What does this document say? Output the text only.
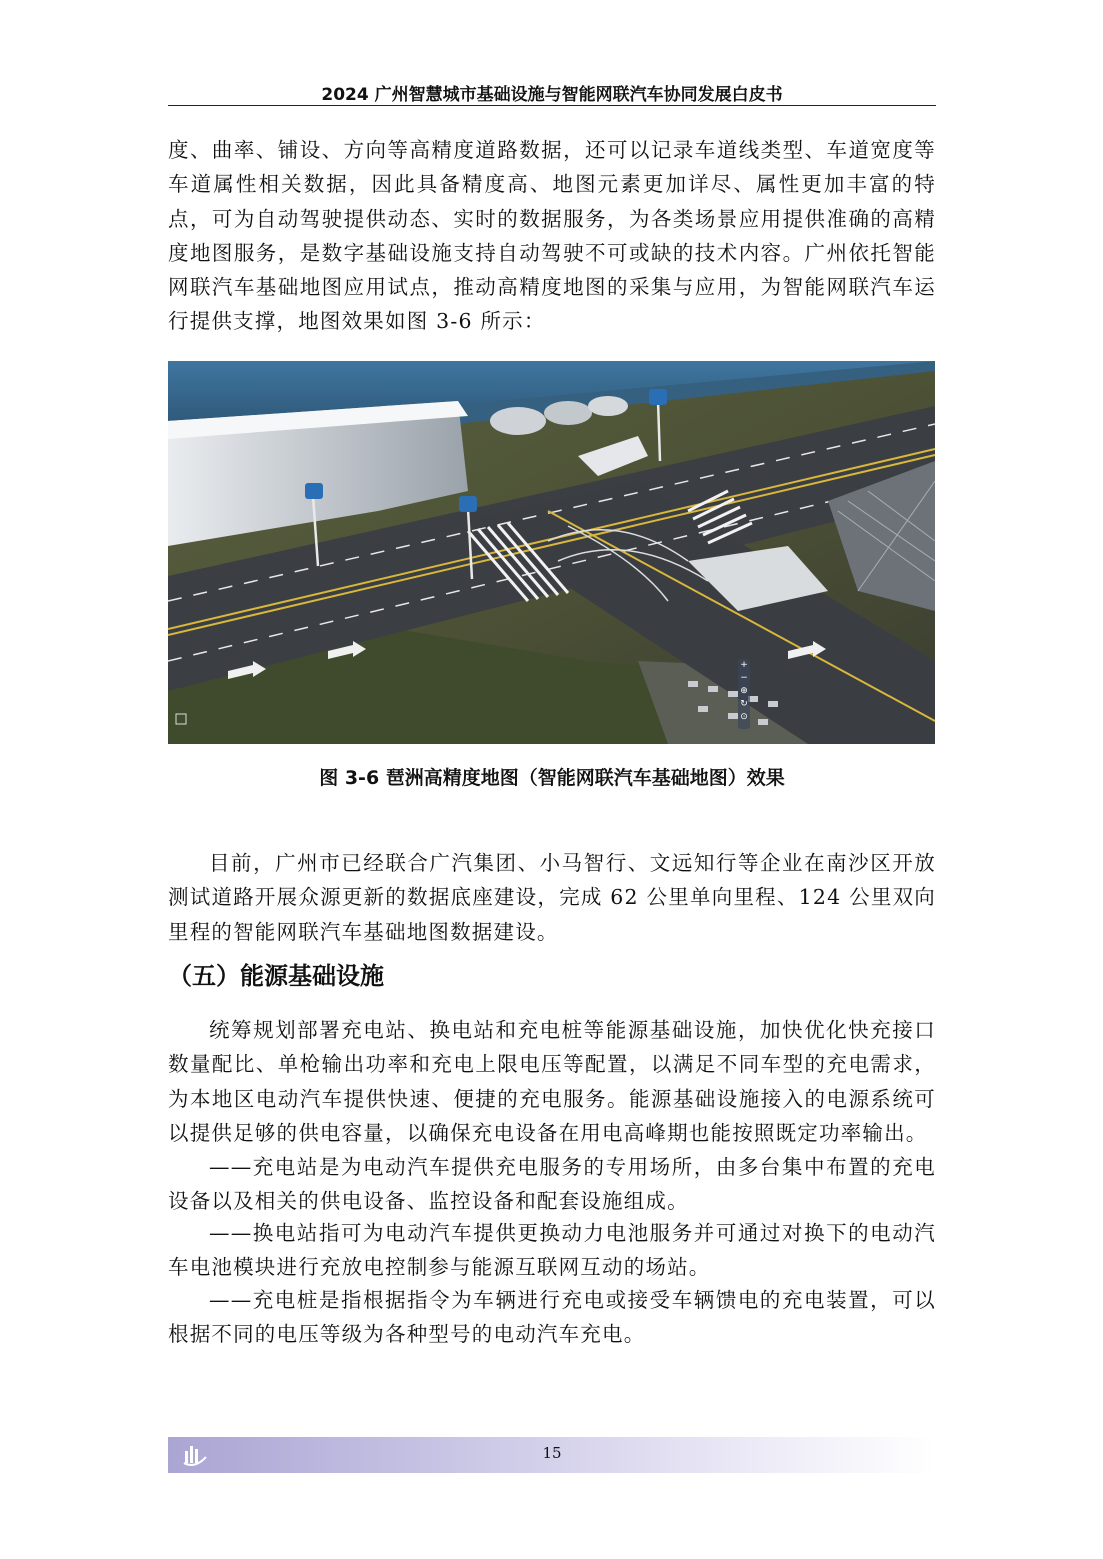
2024 广州智慧城市基础设施与智能网联汽车协同发展白皮书

度、曲率、铺设、方向等高精度道路数据，还可以记录车道线类型、车道宽度等车道属性相关数据，因此具备精度高、地图元素更加详尽、属性更加丰富的特点，可为自动驾驶提供动态、实时的数据服务，为各类场景应用提供准确的高精度地图服务，是数字基础设施支持自动驾驶不可或缺的技术内容。广州依托智能网联汽车基础地图应用试点，推动高精度地图的采集与应用，为智能网联汽车运行提供支撑，地图效果如图 3-6 所示：

+
−
⊕
↻
⊙
图 3-6 琶洲高精度地图（智能网联汽车基础地图）效果

目前，广州市已经联合广汽集团、小马智行、文远知行等企业在南沙区开放测试道路开展众源更新的数据底座建设，完成 62 公里单向里程、124 公里双向里程的智能网联汽车基础地图数据建设。

（五）能源基础设施

统筹规划部署充电站、换电站和充电桩等能源基础设施，加快优化快充接口数量配比、单枪输出功率和充电上限电压等配置，以满足不同车型的充电需求，为本地区电动汽车提供快速、便捷的充电服务。能源基础设施接入的电源系统可以提供足够的供电容量，以确保充电设备在用电高峰期也能按照既定功率输出。

——充电站是为电动汽车提供充电服务的专用场所，由多台集中布置的充电设备以及相关的供电设备、监控设备和配套设施组成。

——换电站指可为电动汽车提供更换动力电池服务并可通过对换下的电动汽车电池模块进行充放电控制参与能源互联网互动的场站。

——充电桩是指根据指令为车辆进行充电或接受车辆馈电的充电装置，可以根据不同的电压等级为各种型号的电动汽车充电。

15
